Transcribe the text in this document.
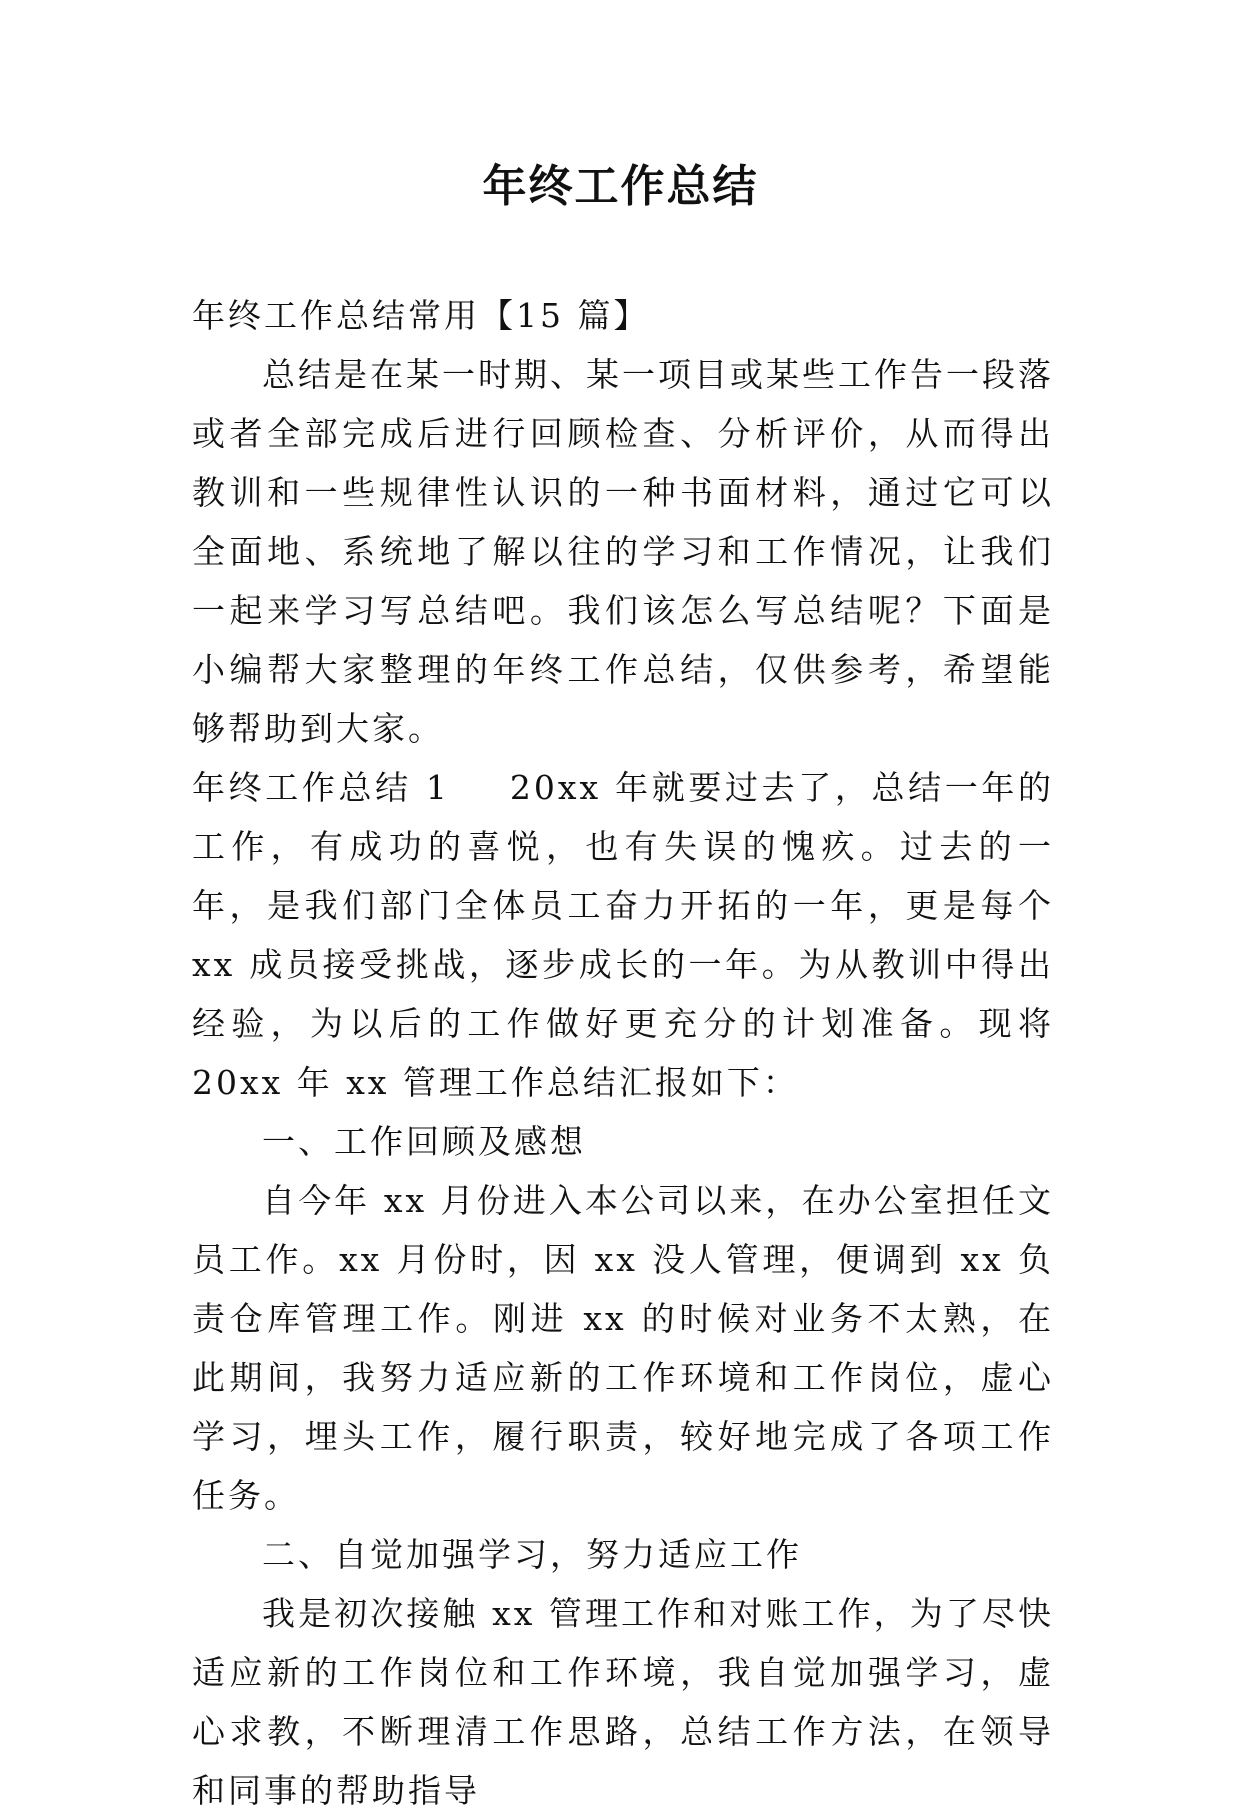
年终工作总结

年终工作总结常用【15 篇】

总结是在某一时期、某一项目或某些工作告一段落或者全部完成后进行回顾检查、分析评价，从而得出教训和一些规律性认识的一种书面材料，通过它可以全面地、系统地了解以往的学习和工作情况，让我们一起来学习写总结吧。我们该怎么写总结呢？下面是小编帮大家整理的年终工作总结，仅供参考，希望能够帮助到大家。

年终工作总结 1 20xx 年就要过去了，总结一年的工作，有成功的喜悦，也有失误的愧疚。过去的一年，是我们部门全体员工奋力开拓的一年，更是每个 xx 成员接受挑战，逐步成长的一年。为从教训中得出经验，为以后的工作做好更充分的计划准备。现将 20xx 年 xx 管理工作总结汇报如下：

一、工作回顾及感想

自今年 xx 月份进入本公司以来，在办公室担任文员工作。xx 月份时，因 xx 没人管理，便调到 xx 负责仓库管理工作。刚进 xx 的时候对业务不太熟，在此期间，我努力适应新的工作环境和工作岗位，虚心学习，埋头工作，履行职责，较好地完成了各项工作任务。

二、自觉加强学习，努力适应工作

我是初次接触 xx 管理工作和对账工作，为了尽快适应新的工作岗位和工作环境，我自觉加强学习，虚心求教，不断理清工作思路，总结工作方法，在领导和同事的帮助指导
